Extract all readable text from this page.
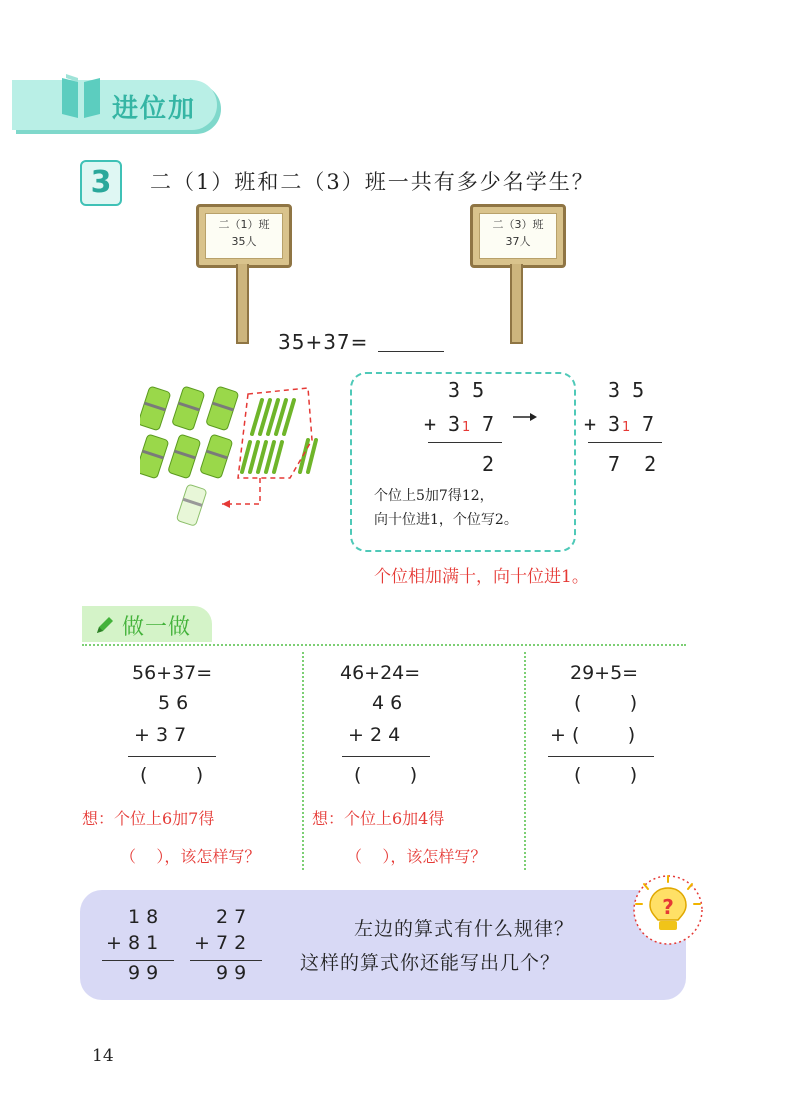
进位加
3	二（1）班和二（3）班一共有多少名学生？
二（1）班
35人
二（3）班
37人
35+37=
3 5
+ 3 1 7
2
个位上5加7得12，
向十位进1，个位写2。
3 5
+ 3 1 7
7  2
个位相加满十，向十位进1。
做一做
56+37=
5 6
+ 3 7
(        )
想：个位上6加7得
（    ），该怎样写？
46+24=
4 6
+ 2 4
(        )
想：个位上6加4得
（    ），该怎样写？
29+5=
(        )
+ (        )
(        )
1 8
+ 8 1
9 9
2 7
+ 7 2
9 9
左边的算式有什么规律？
这样的算式你还能写出几个？
?
14
